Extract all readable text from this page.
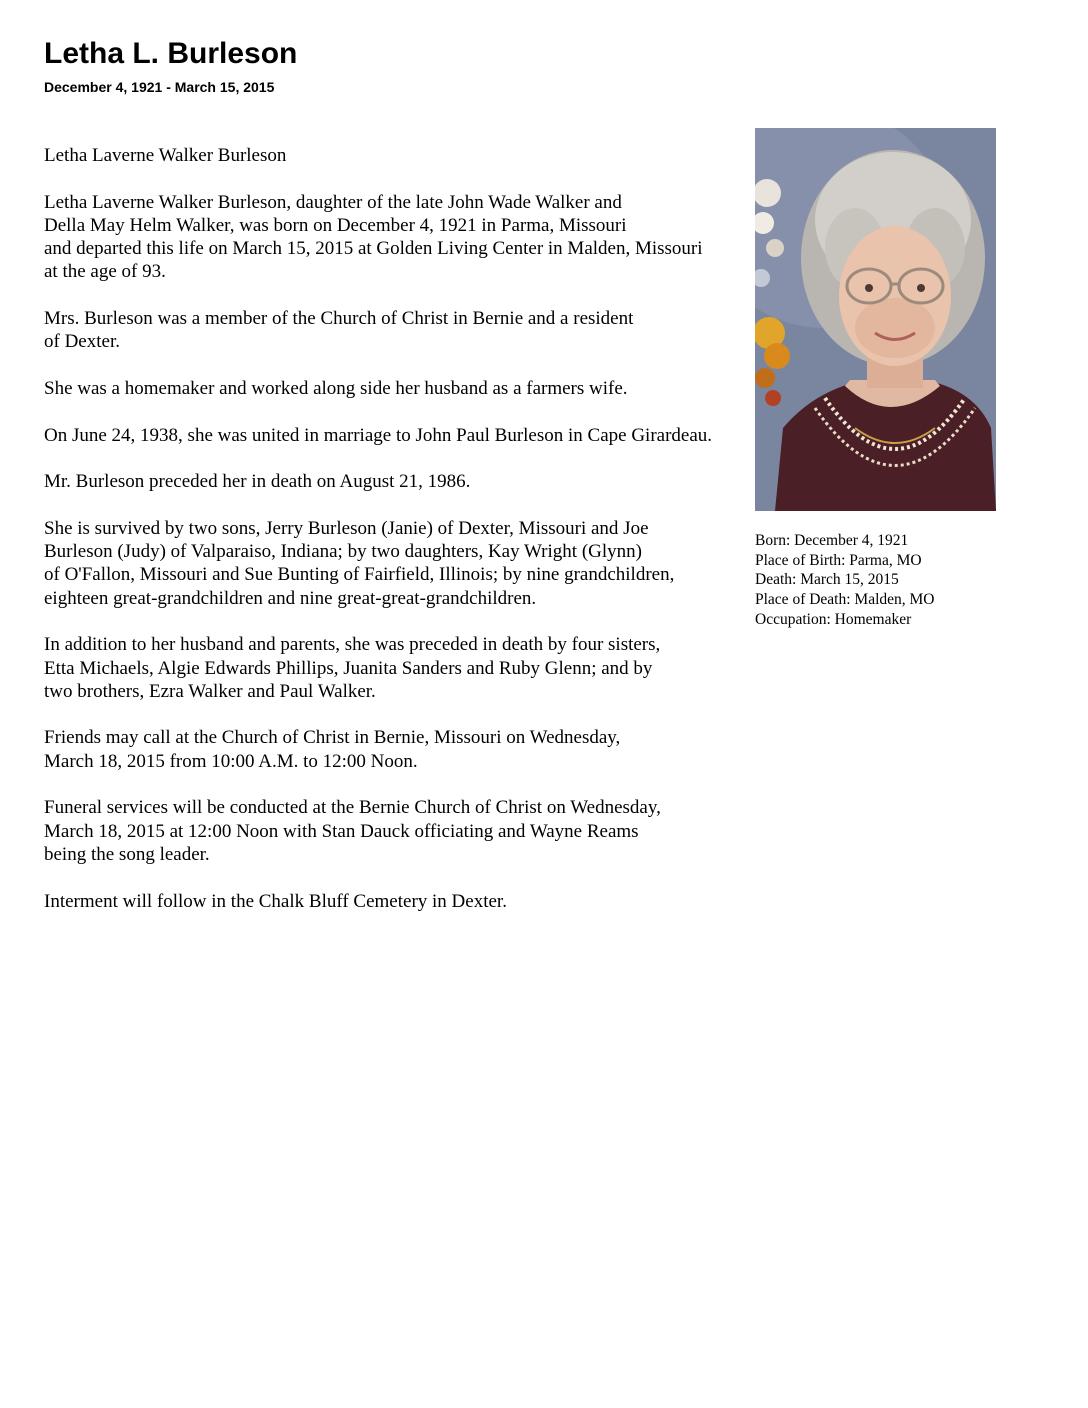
Letha L. Burleson
December 4, 1921 - March 15, 2015

Letha Laverne Walker Burleson

Letha Laverne Walker Burleson, daughter of the late John Wade Walker and
Della May Helm Walker, was born on December 4, 1921 in Parma, Missouri
and departed this life on March 15, 2015 at Golden Living Center in Malden, Missouri
at the age of 93.

Mrs. Burleson was a member of the Church of Christ in Bernie and a resident
of Dexter.

She was a homemaker and worked along side her husband as a farmers wife.

On June 24, 1938, she was united in marriage to John Paul Burleson in Cape Girardeau.

Mr. Burleson preceded her in death on August 21, 1986.

She is survived by two sons, Jerry Burleson (Janie) of Dexter, Missouri and Joe
Burleson (Judy) of Valparaiso, Indiana; by two daughters, Kay Wright (Glynn)
of O'Fallon, Missouri and Sue Bunting of Fairfield, Illinois; by nine grandchildren,
eighteen great-grandchildren and nine great-great-grandchildren.

In addition to her husband and parents, she was preceded in death by four sisters,
Etta Michaels, Algie Edwards Phillips, Juanita Sanders and Ruby Glenn; and by
two brothers, Ezra Walker and Paul Walker.

Friends may call at the Church of Christ in Bernie, Missouri on Wednesday,
March 18, 2015 from 10:00 A.M. to 12:00 Noon.

Funeral services will be conducted at the Bernie Church of Christ on Wednesday,
March 18, 2015 at 12:00 Noon with Stan Dauck officiating and Wayne Reams
being the song leader.

Interment will follow in the Chalk Bluff Cemetery in Dexter.

Born: December 4, 1921
Place of Birth: Parma, MO
Death: March 15, 2015
Place of Death: Malden, MO
Occupation: Homemaker
